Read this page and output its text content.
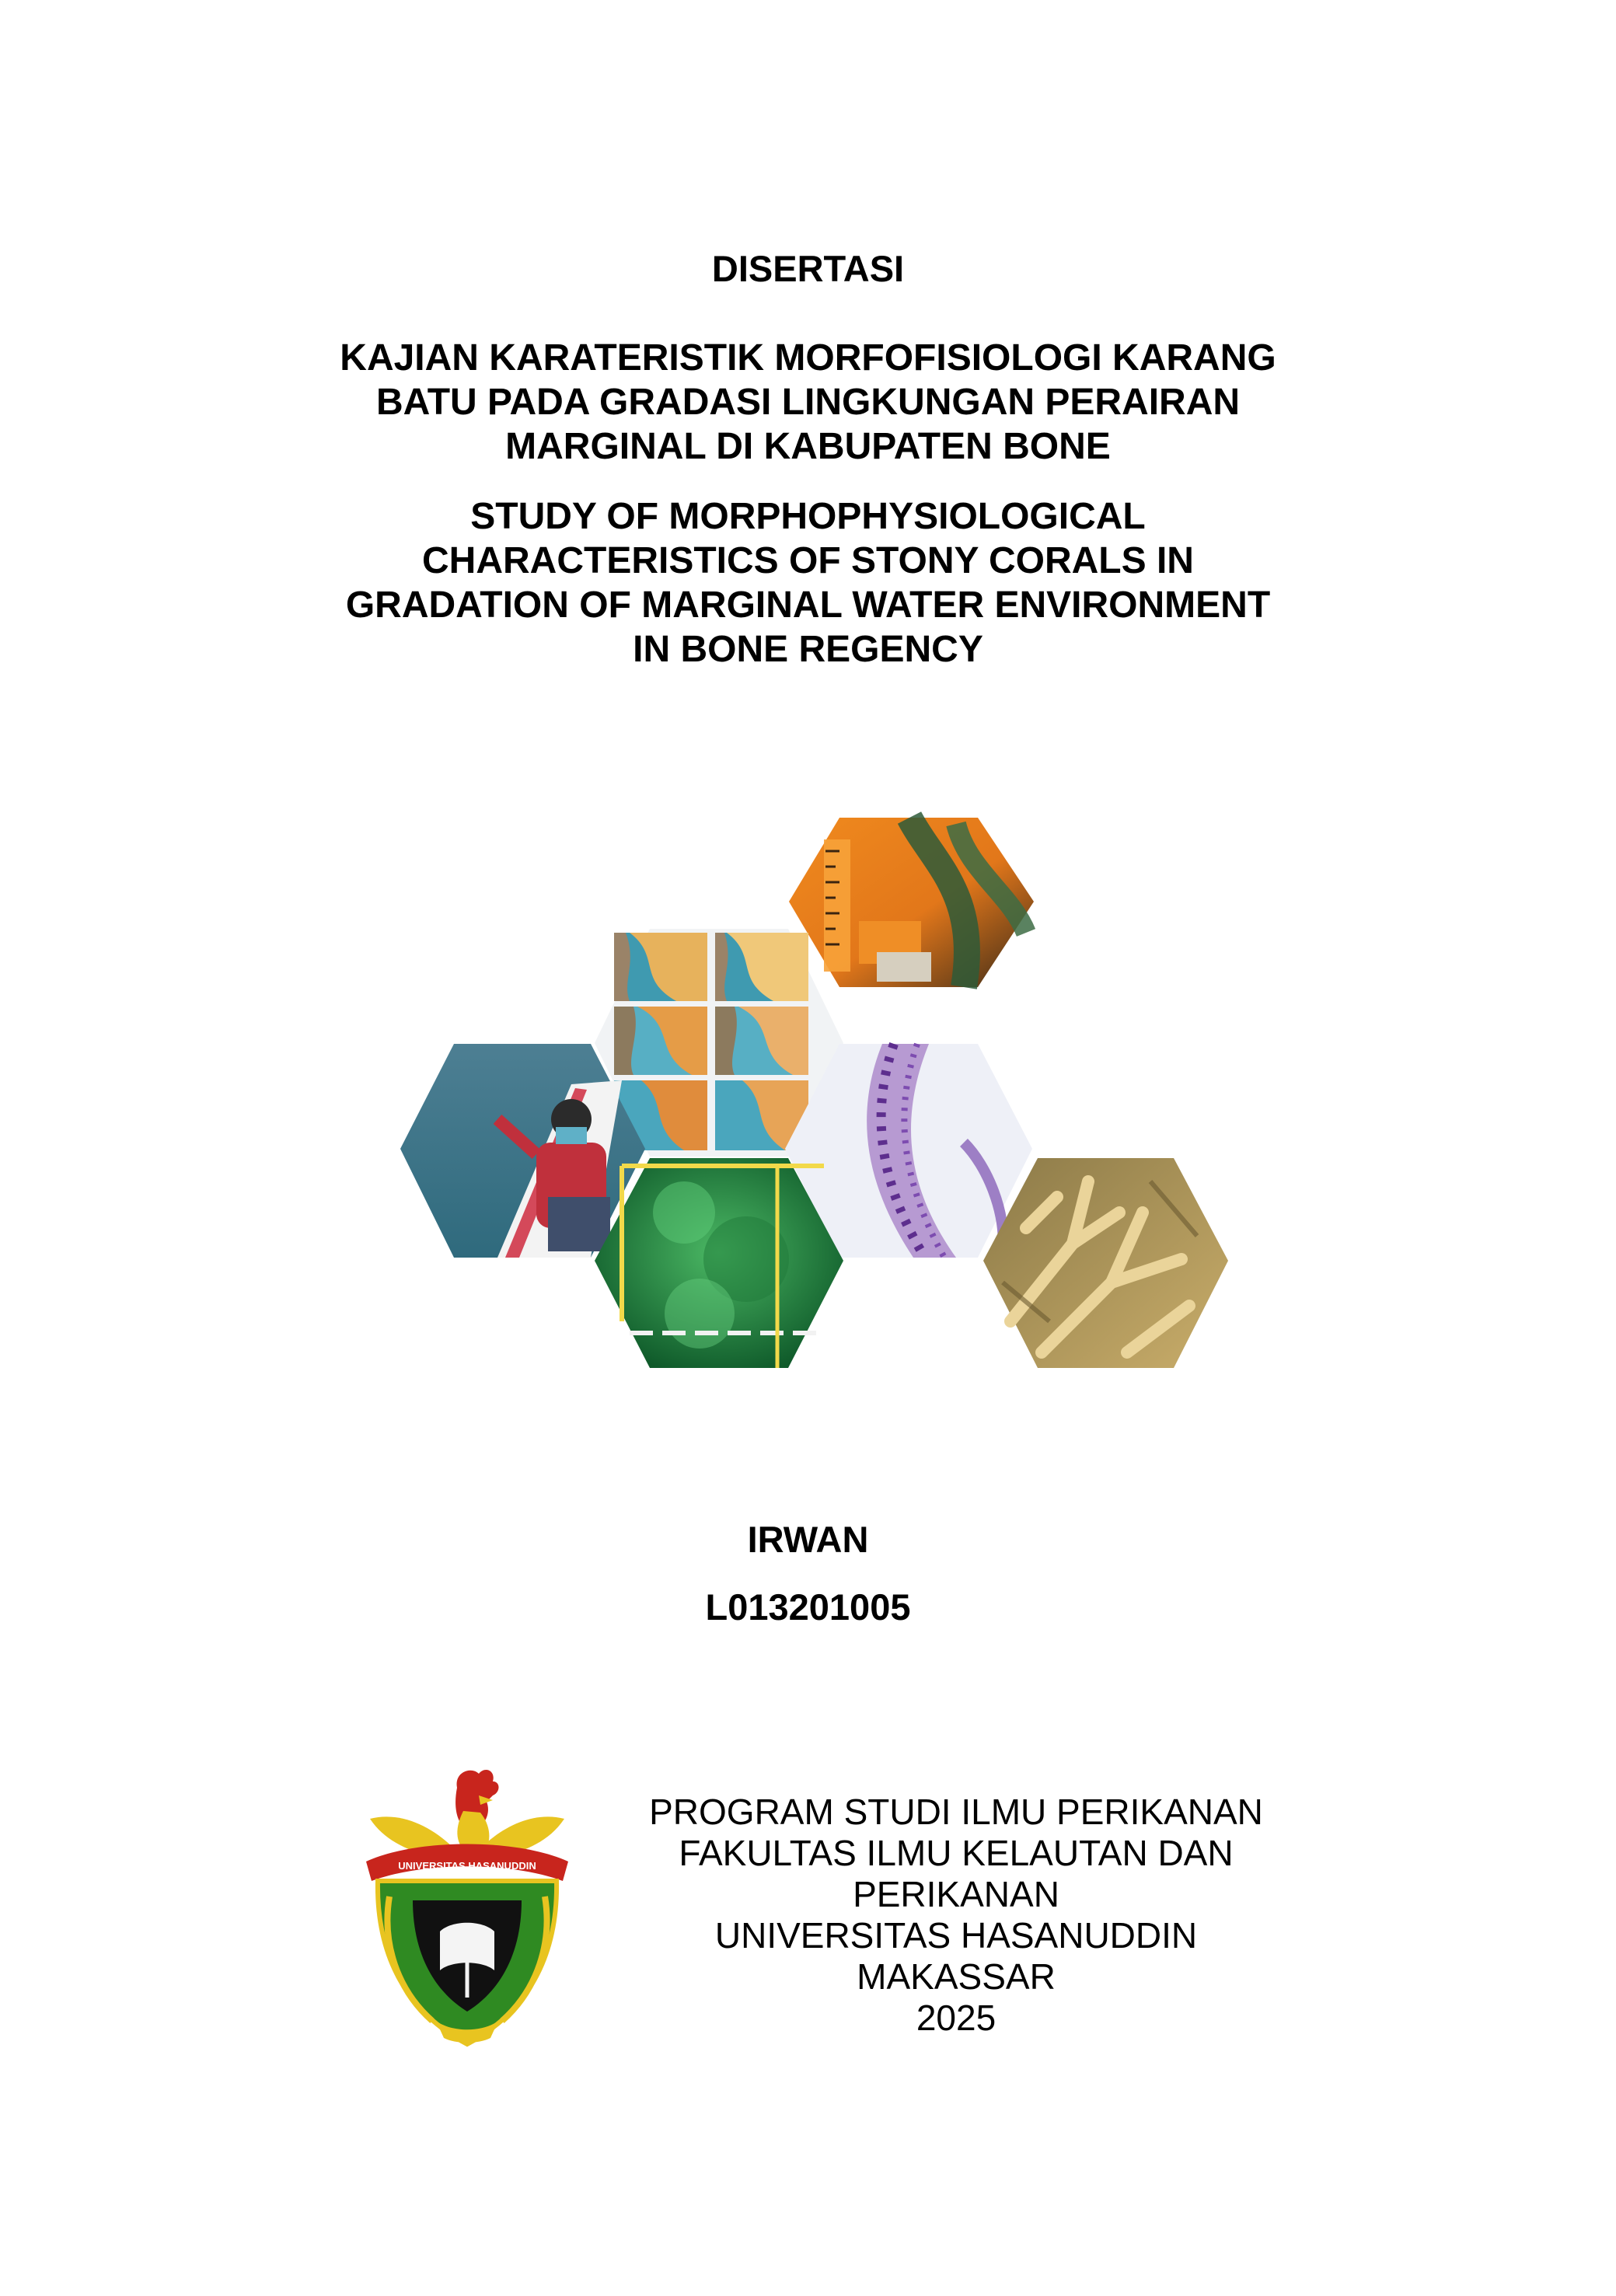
DISERTASI
KAJIAN KARATERISTIK MORFOFISIOLOGI KARANG
BATU PADA GRADASI LINGKUNGAN PERAIRAN
MARGINAL DI KABUPATEN BONE
STUDY OF MORPHOPHYSIOLOGICAL
CHARACTERISTICS OF STONY CORALS IN
GRADATION OF MARGINAL WATER ENVIRONMENT
IN BONE REGENCY
IRWAN
L013201005
UNIVERSITAS HASANUDDIN
PROGRAM STUDI ILMU PERIKANAN
FAKULTAS ILMU KELAUTAN DAN
PERIKANAN
UNIVERSITAS HASANUDDIN
MAKASSAR
2025
